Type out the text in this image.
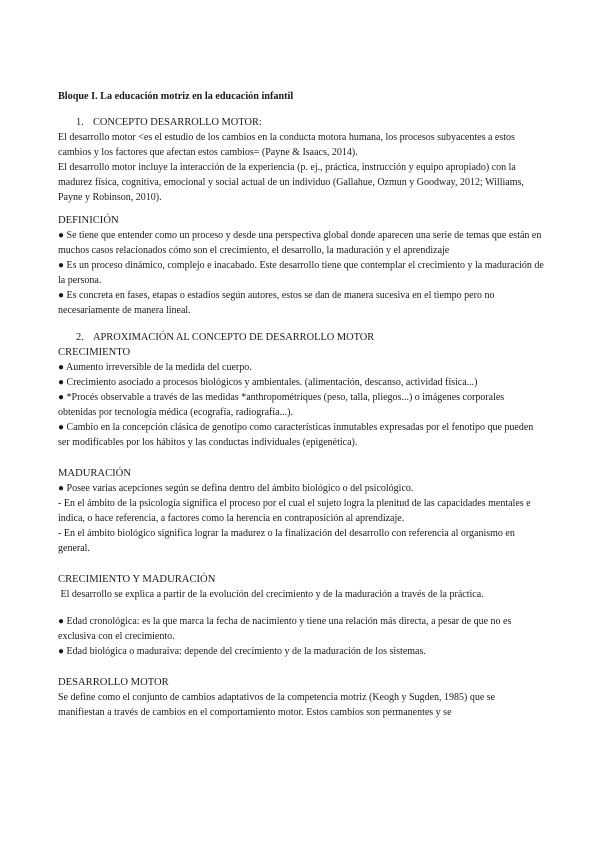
Bloque I. La educación motriz en la educación infantil

1. CONCEPTO DESARROLLO MOTOR:

El desarrollo motor <es el estudio de los cambios en la conducta motora humana, los procesos subyacentes a estos cambios y los factores que afectan estos cambios= (Payne & Isaacs, 2014).

El desarrollo motor incluye la interacción de la experiencia (p. ej., práctica, instrucción y equipo apropiado) con la madurez física, cognitiva, emocional y social actual de un individuo (Gallahue, Ozmun y Goodway, 2012; Williams, Payne y Robinson, 2010).

DEFINICIÓN

● Se tiene que entender como un proceso y desde una perspectiva global donde aparecen una serie de temas que están en muchos casos relacionados cómo son el crecimiento, el desarrollo, la maduración y el aprendizaje

● Es un proceso dinámico, complejo e inacabado. Este desarrollo tiene que contemplar el crecimiento y la maduración de la persona.

● Es concreta en fases, etapas o estadios según autores, estos se dan de manera sucesiva en el tiempo pero no necesariamente de manera lineal.

2. APROXIMACIÓN AL CONCEPTO DE DESARROLLO MOTOR

CRECIMIENTO

● Aumento irreversible de la medida del cuerpo.

● Crecimiento asociado a procesos biológicos y ambientales. (alimentación, descanso, actividad física...)

● *Procés observable a través de las medidas *anthropométriques (peso, talla, pliegos...) o imágenes corporales obtenidas por tecnología médica (ecografía, radiografía...).

● Cambio en la concepción clásica de genotipo como características inmutables expresadas por el fenotipo que pueden ser modificables por los hábitos y las conductas individuales (epigenética).

MADURACIÓN

● Posee varias acepciones según se defina dentro del ámbito biológico o del psicológico.

- En el ámbito de la psicología significa el proceso por el cual el sujeto logra la plenitud de las capacidades mentales e indica, o hace referencia, a factores como la herencia en contraposición al aprendizaje.

- En el ámbito biológico significa lograr la madurez o la finalización del desarrollo con referencia al organismo en general.

CRECIMIENTO Y MADURACIÓN

El desarrollo se explica a partir de la evolución del crecimiento y de la maduración a través de la práctica.

● Edad cronológica: es la que marca la fecha de nacimiento y tiene una relación más directa, a pesar de que no es exclusiva con el crecimiento.

● Edad biológica o maduraiva: depende del crecimiento y de la maduración de los sistemas.

DESARROLLO MOTOR

Se define como el conjunto de cambios adaptativos de la competencia motriz (Keogh y Sugden, 1985) que se manifiestan a través de cambios en el comportamiento motor. Estos cambios son permanentes y se
